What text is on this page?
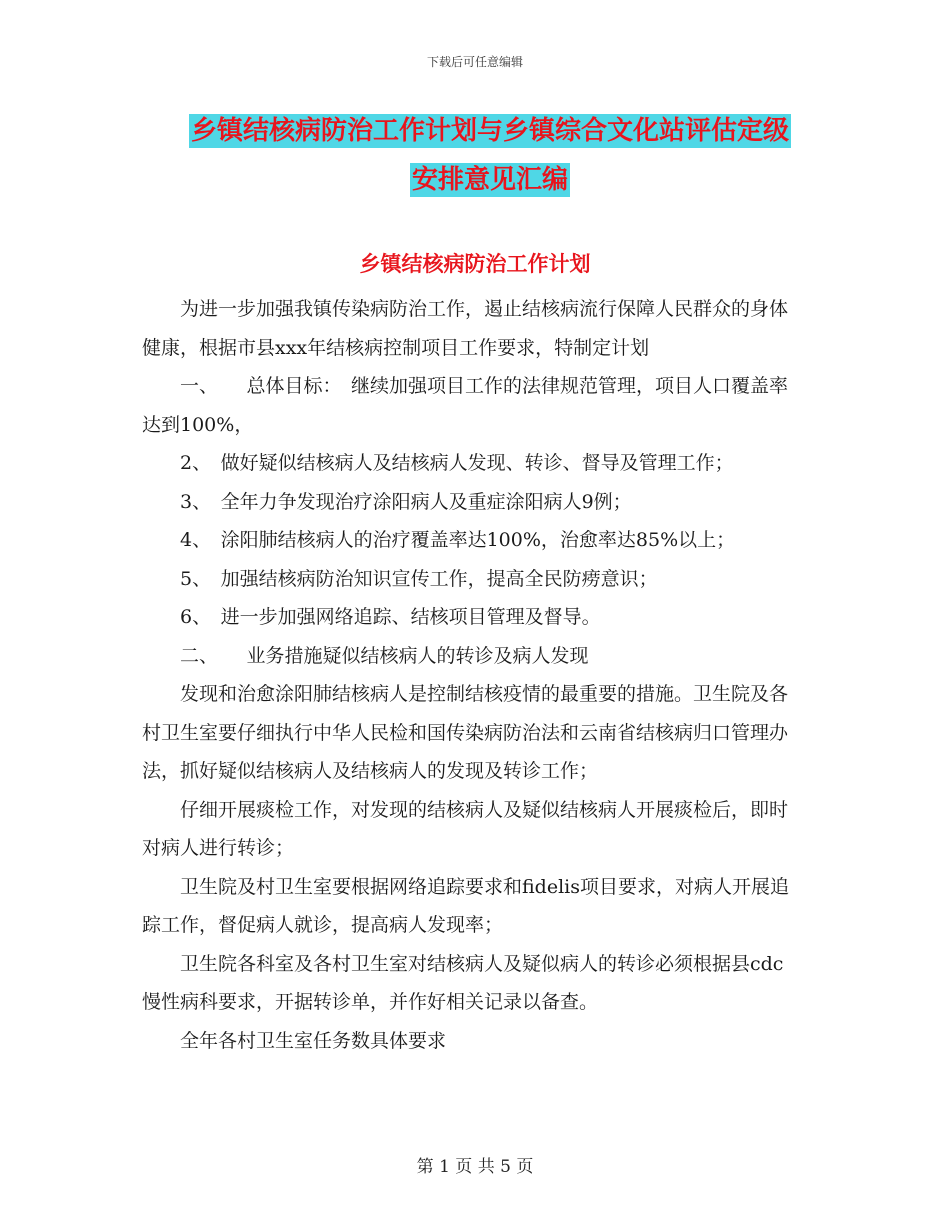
下载后可任意编辑
乡镇结核病防治工作计划与乡镇综合文化站评估定级
安排意见汇编
乡镇结核病防治工作计划

为进一步加强我镇传染病防治工作，遏止结核病流行保障人民群众的身体健康，根据市县xxx年结核病控制项目工作要求，特制定计划

一、　　总体目标：　继续加强项目工作的法律规范管理，项目人口覆盖率达到100%，

2、　做好疑似结核病人及结核病人发现、转诊、督导及管理工作；

3、　全年力争发现治疗涂阳病人及重症涂阳病人9例；

4、　涂阳肺结核病人的治疗覆盖率达100%，治愈率达85%以上；

5、　加强结核病防治知识宣传工作，提高全民防痨意识；

6、　进一步加强网络追踪、结核项目管理及督导。

二、　　业务措施疑似结核病人的转诊及病人发现

发现和治愈涂阳肺结核病人是控制结核疫情的最重要的措施。卫生院及各村卫生室要仔细执行中华人民检和国传染病防治法和云南省结核病归口管理办法，抓好疑似结核病人及结核病人的发现及转诊工作；

仔细开展痰检工作，对发现的结核病人及疑似结核病人开展痰检后，即时对病人进行转诊；

卫生院及村卫生室要根据网络追踪要求和fidelis项目要求，对病人开展追踪工作，督促病人就诊，提高病人发现率；

卫生院各科室及各村卫生室对结核病人及疑似病人的转诊必须根据县cdc慢性病科要求，开据转诊单，并作好相关记录以备查。

全年各村卫生室任务数具体要求

第 1 页 共 5 页
